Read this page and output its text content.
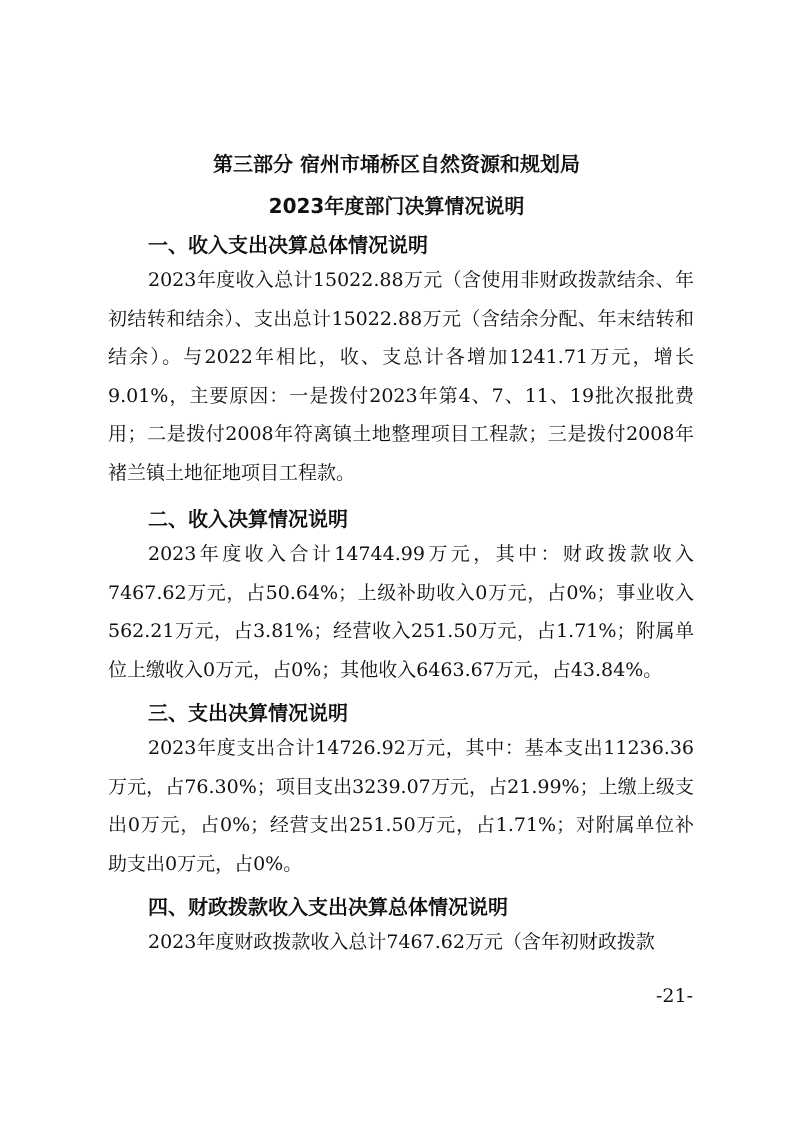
第三部分 宿州市埇桥区自然资源和规划局
2023年度部门决算情况说明
一、收入支出决算总体情况说明
2023年度收入总计15022.88万元（含使用非财政拨款结余、年初结转和结余）、支出总计15022.88万元（含结余分配、年末结转和结余）。与2022年相比，收、支总计各增加1241.71万元，增长9.01%，主要原因：一是拨付2023年第4、7、11、19批次报批费用；二是拨付2008年符离镇土地整理项目工程款；三是拨付2008年褚兰镇土地征地项目工程款。
二、收入决算情况说明
2023年度收入合计14744.99万元，其中：财政拨款收入7467.62万元，占50.64%；上级补助收入0万元，占0%；事业收入562.21万元，占3.81%；经营收入251.50万元，占1.71%；附属单位上缴收入0万元，占0%；其他收入6463.67万元，占43.84%。
三、支出决算情况说明
2023年度支出合计14726.92万元，其中：基本支出11236.36万元，占76.30%；项目支出3239.07万元，占21.99%；上缴上级支出0万元，占0%；经营支出251.50万元，占1.71%；对附属单位补助支出0万元，占0%。
四、财政拨款收入支出决算总体情况说明
2023年度财政拨款收入总计7467.62万元（含年初财政拨款
-21-
